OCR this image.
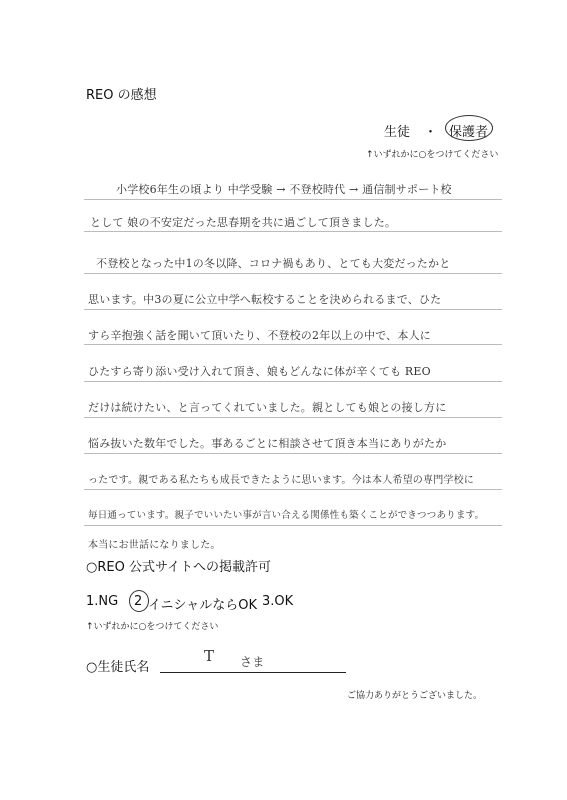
REO の感想
生徒 ・ 保護者
↑いずれかに○をつけてください
小学校6年生の頃より 中学受験 → 不登校時代 → 通信制サポート校
として 娘の不安定だった思春期を共に過ごして頂きました。
不登校となった中1の冬以降、コロナ禍もあり、とても大変だったかと
思います。中3の夏に公立中学へ転校することを決められるまで、ひた
すら辛抱強く話を聞いて頂いたり、不登校の2年以上の中で、本人に
ひたすら寄り添い受け入れて頂き、娘もどんなに体が辛くても REO
だけは続けたい、と言ってくれていました。親としても娘との接し方に
悩み抜いた数年でした。事あるごとに相談させて頂き本当にありがたか
ったです。親である私たちも成長できたように思います。今は本人希望の専門学校に
毎日通っています。親子でいいたい事が言い合える関係性も築くことができつつあります。
本当にお世話になりました。
○REO 公式サイトへの掲載許可
1.NG 2 イニシャルならOK 3.OK
↑いずれかに○をつけてください
○生徒氏名
T さま
ご協力ありがとうございました。
